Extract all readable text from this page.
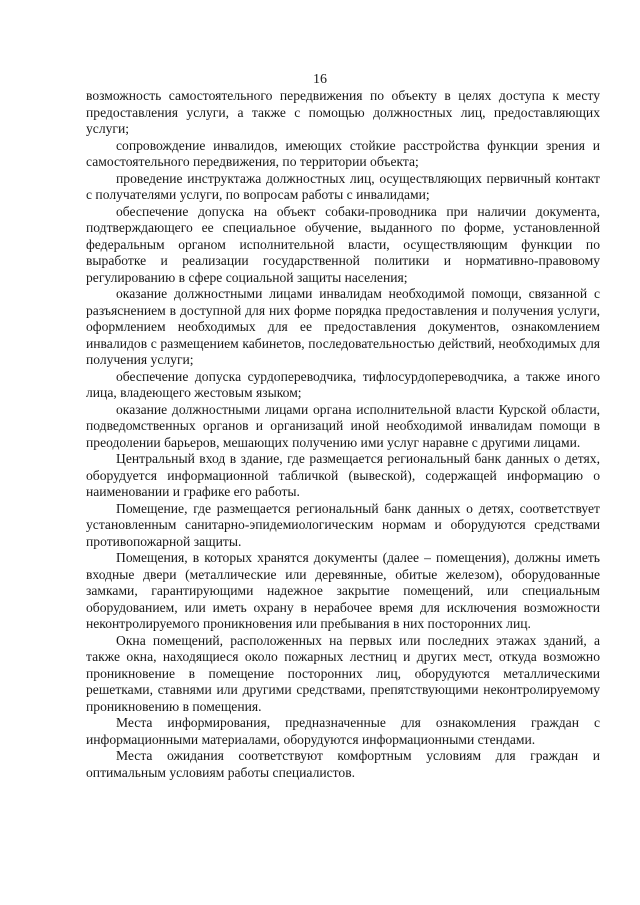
16

возможность самостоятельного передвижения по объекту в целях доступа к месту предоставления услуги, а также с помощью должностных лиц, предоставляющих услуги;

сопровождение инвалидов, имеющих стойкие расстройства функции зрения и самостоятельного передвижения, по территории объекта;

проведение инструктажа должностных лиц, осуществляющих первичный контакт с получателями услуги, по вопросам работы с инвалидами;

обеспечение допуска на объект собаки-проводника при наличии документа, подтверждающего ее специальное обучение, выданного по форме, установленной федеральным органом исполнительной власти, осуществляющим функции по выработке и реализации государственной политики и нормативно-правовому регулированию в сфере социальной защиты населения;

оказание должностными лицами инвалидам необходимой помощи, связанной с разъяснением в доступной для них форме порядка предоставления и получения услуги, оформлением необходимых для ее предоставления документов, ознакомлением инвалидов с размещением кабинетов, последовательностью действий, необходимых для получения услуги;

обеспечение допуска сурдопереводчика, тифлосурдопереводчика, а также иного лица, владеющего жестовым языком;

оказание должностными лицами органа исполнительной власти Курской области, подведомственных органов и организаций иной необходимой инвалидам помощи в преодолении барьеров, мешающих получению ими услуг наравне с другими лицами.

Центральный вход в здание, где размещается региональный банк данных о детях, оборудуется информационной табличкой (вывеской), содержащей информацию о наименовании и графике его работы.

Помещение, где размещается региональный банк данных о детях, соответствует установленным санитарно-эпидемиологическим нормам и оборудуются средствами противопожарной защиты.

Помещения, в которых хранятся документы (далее – помещения), должны иметь входные двери (металлические или деревянные, обитые железом), оборудованные замками, гарантирующими надежное закрытие помещений, или специальным оборудованием, или иметь охрану в нерабочее время для исключения возможности неконтролируемого проникновения или пребывания в них посторонних лиц.

Окна помещений, расположенных на первых или последних этажах зданий, а также окна, находящиеся около пожарных лестниц и других мест, откуда возможно проникновение в помещение посторонних лиц, оборудуются металлическими решетками, ставнями или другими средствами, препятствующими неконтролируемому проникновению в помещения.

Места информирования, предназначенные для ознакомления граждан с информационными материалами, оборудуются информационными стендами.

Места ожидания соответствуют комфортным условиям для граждан и оптимальным условиям работы специалистов.
